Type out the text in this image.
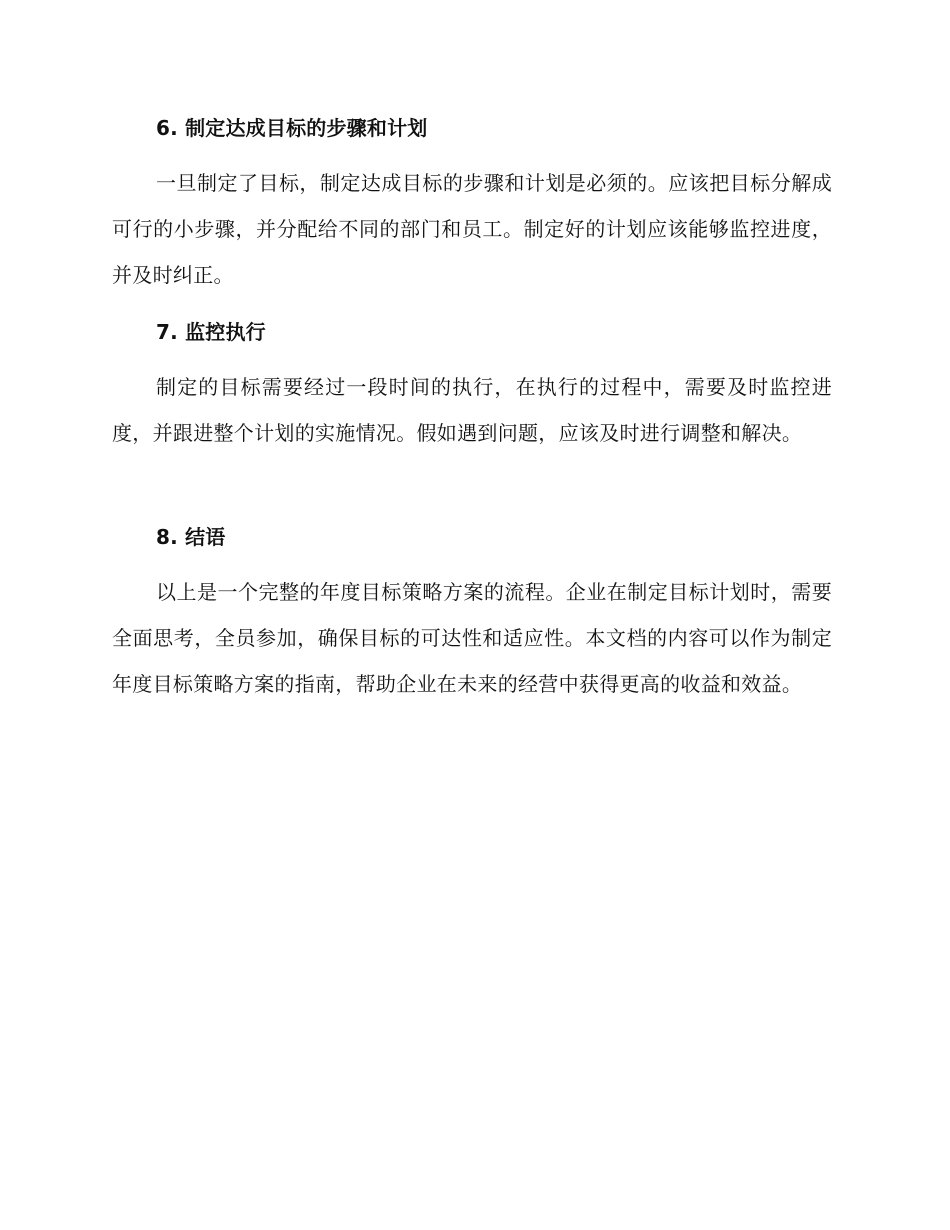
6. 制定达成目标的步骤和计划

一旦制定了目标，制定达成目标的步骤和计划是必须的。应该把目标分解成可行的小步骤，并分配给不同的部门和员工。制定好的计划应该能够监控进度，并及时纠正。

7. 监控执行

制定的目标需要经过一段时间的执行，在执行的过程中，需要及时监控进度，并跟进整个计划的实施情况。假如遇到问题，应该及时进行调整和解决。

8. 结语

以上是一个完整的年度目标策略方案的流程。企业在制定目标计划时，需要全面思考，全员参加，确保目标的可达性和适应性。本文档的内容可以作为制定年度目标策略方案的指南，帮助企业在未来的经营中获得更高的收益和效益。
